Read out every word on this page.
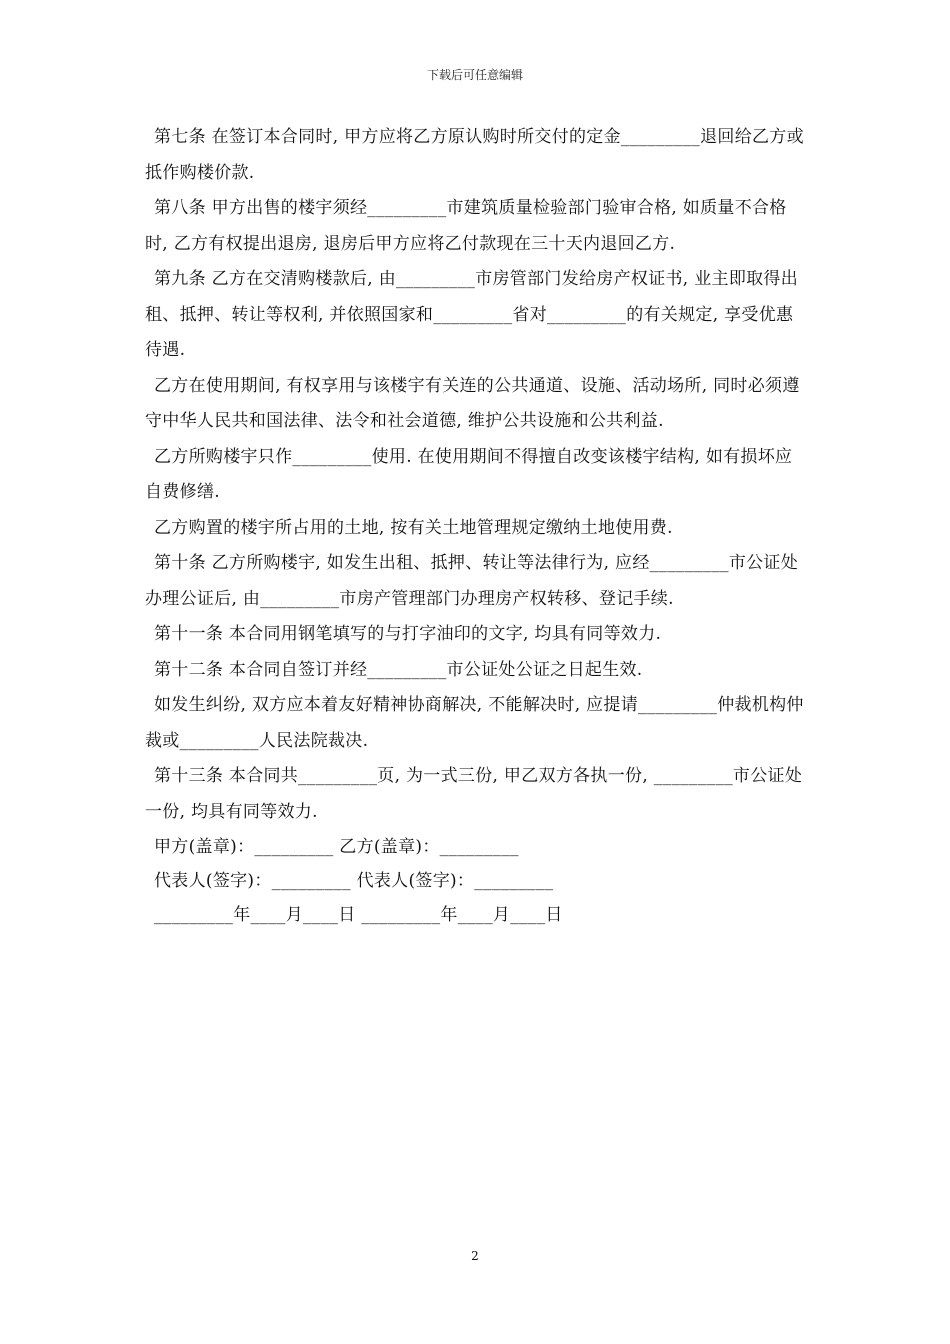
下载后可任意编辑

第七条 在签订本合同时, 甲方应将乙方原认购时所交付的定金_________退回给乙方或抵作购楼价款.

第八条 甲方出售的楼宇须经_________市建筑质量检验部门验审合格, 如质量不合格时, 乙方有权提出退房, 退房后甲方应将乙付款现在三十天内退回乙方.

第九条 乙方在交清购楼款后, 由_________市房管部门发给房产权证书, 业主即取得出租、抵押、转让等权利, 并依照国家和_________省对_________的有关规定, 享受优惠待遇.

乙方在使用期间, 有权享用与该楼宇有关连的公共通道、设施、活动场所, 同时必须遵守中华人民共和国法律、法令和社会道德, 维护公共设施和公共利益.

乙方所购楼宇只作_________使用. 在使用期间不得擅自改变该楼宇结构, 如有损坏应自费修缮.

乙方购置的楼宇所占用的土地, 按有关土地管理规定缴纳土地使用费.

第十条 乙方所购楼宇, 如发生出租、抵押、转让等法律行为, 应经_________市公证处办理公证后, 由_________市房产管理部门办理房产权转移、登记手续.

第十一条 本合同用钢笔填写的与打字油印的文字, 均具有同等效力.

第十二条 本合同自签订并经_________市公证处公证之日起生效.

如发生纠纷, 双方应本着友好精神协商解决, 不能解决时, 应提请_________仲裁机构仲裁或_________人民法院裁决.

第十三条 本合同共_________页, 为一式三份, 甲乙双方各执一份, _________市公证处一份, 均具有同等效力.

甲方(盖章)：_________ 乙方(盖章)：_________

代表人(签字)：_________ 代表人(签字)：_________

_________年____月____日 _________年____月____日

2
